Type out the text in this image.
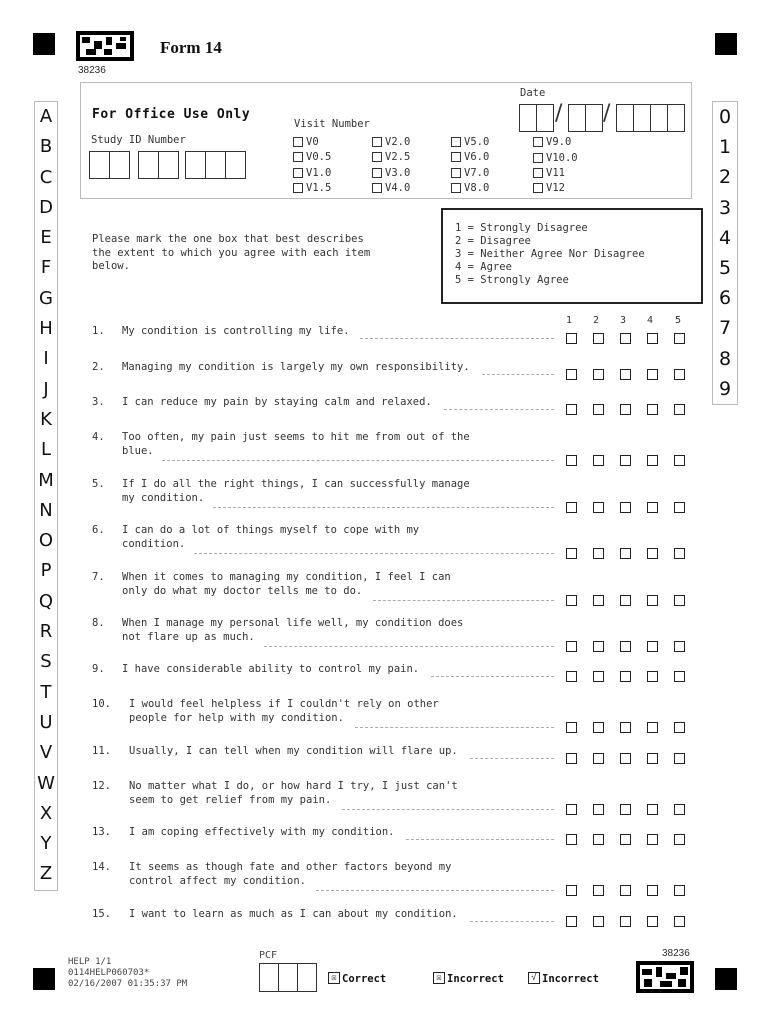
Form 14
38236
For Office Use Only
Study ID Number
Visit Number
Date
/ /
V0
V0.5
V1.0
V1.5
V2.0
V2.5
V3.0
V4.0
V5.0
V6.0
V7.0
V8.0
V9.0
V10.0
V11
V12
A
B
C
D
E
F
G
H
I
J
K
L
M
N
O
P
Q
R
S
T
U
V
W
X
Y
Z
0
1
2
3
4
5
6
7
8
9
Please mark the one box that best describes
the extent to which you agree with each item
below.
1 = Strongly Disagree
2 = Disagree
3 = Neither Agree Nor Disagree
4 = Agree
5 = Strongly Agree
1 2 3 4 5
1. My condition is controlling my life.
2. Managing my condition is largely my own responsibility.
3. I can reduce my pain by staying calm and relaxed.
4. Too often, my pain just seems to hit me from out of the
blue.
5. If I do all the right things, I can successfully manage
my condition.
6. I can do a lot of things myself to cope with my
condition.
7. When it comes to managing my condition, I feel I can
only do what my doctor tells me to do.
8. When I manage my personal life well, my condition does
not flare up as much.
9. I have considerable ability to control my pain.
10. I would feel helpless if I couldn't rely on other
people for help with my condition.
11. Usually, I can tell when my condition will flare up.
12. No matter what I do, or how hard I try, I just can't
seem to get relief from my pain.
13. I am coping effectively with my condition.
14. It seems as though fate and other factors beyond my
control affect my condition.
15. I want to learn as much as I can about my condition.
HELP 1/1
0114HELP060703*
02/16/2007 01:35:37 PM
PCF
☒ Correct	☒ Incorrect	√ Incorrect
38236
